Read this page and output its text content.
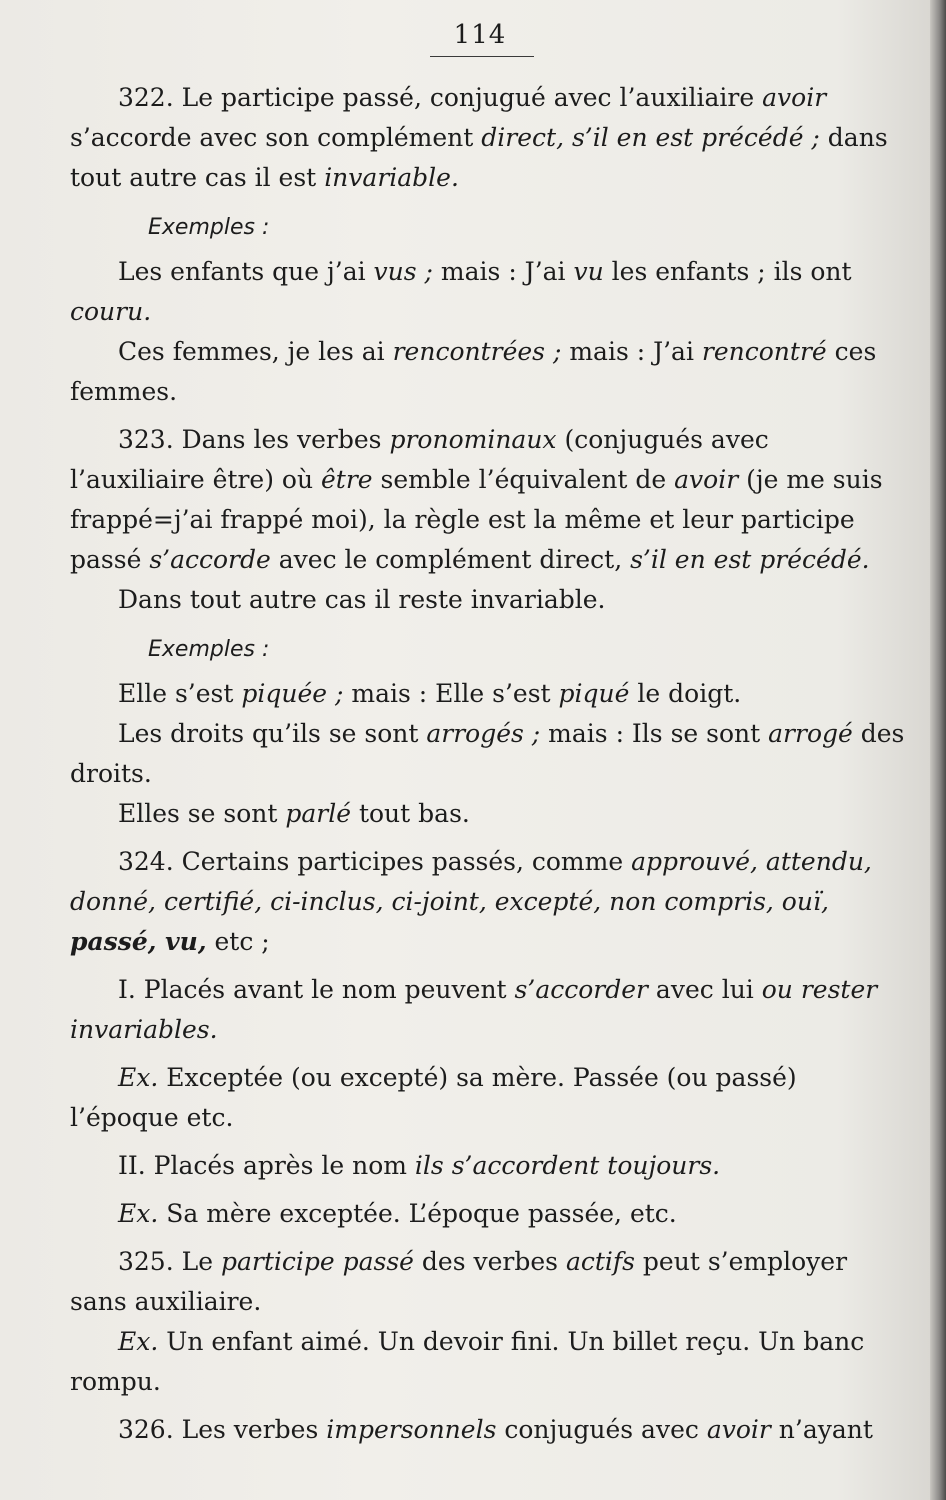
114

322. Le participe passé, conjugué avec l’auxiliaire avoir s’accorde avec son complément direct, s’il en est précédé ; dans tout autre cas il est invariable.

Exemples :

Les enfants que j’ai vus ; mais : J’ai vu les enfants ; ils ont couru.

Ces femmes, je les ai rencontrées ; mais : J’ai rencontré ces femmes.

323. Dans les verbes pronominaux (conjugués avec l’auxiliaire être) où être semble l’équivalent de avoir (je me suis frappé=j’ai frappé moi), la règle est la même et leur participe passé s’accorde avec le complément direct, s’il en est précédé.

Dans tout autre cas il reste invariable.

Exemples :

Elle s’est piquée ; mais : Elle s’est piqué le doigt.

Les droits qu’ils se sont arrogés ; mais : Ils se sont arrogé des droits.

Elles se sont parlé tout bas.

324. Certains participes passés, comme approuvé, attendu, donné, certifié, ci-inclus, ci-joint, excepté, non compris, ouï, passé, vu, etc ;

I. Placés avant le nom peuvent s’accorder avec lui ou rester invariables.

Ex. Exceptée (ou excepté) sa mère. Passée (ou passé) l’époque etc.

II. Placés après le nom ils s’accordent toujours.

Ex. Sa mère exceptée. L’époque passée, etc.

325. Le participe passé des verbes actifs peut s’employer sans auxiliaire.

Ex. Un enfant aimé. Un devoir fini. Un billet reçu. Un banc rompu.

326. Les verbes impersonnels conjugués avec avoir n’ayant
